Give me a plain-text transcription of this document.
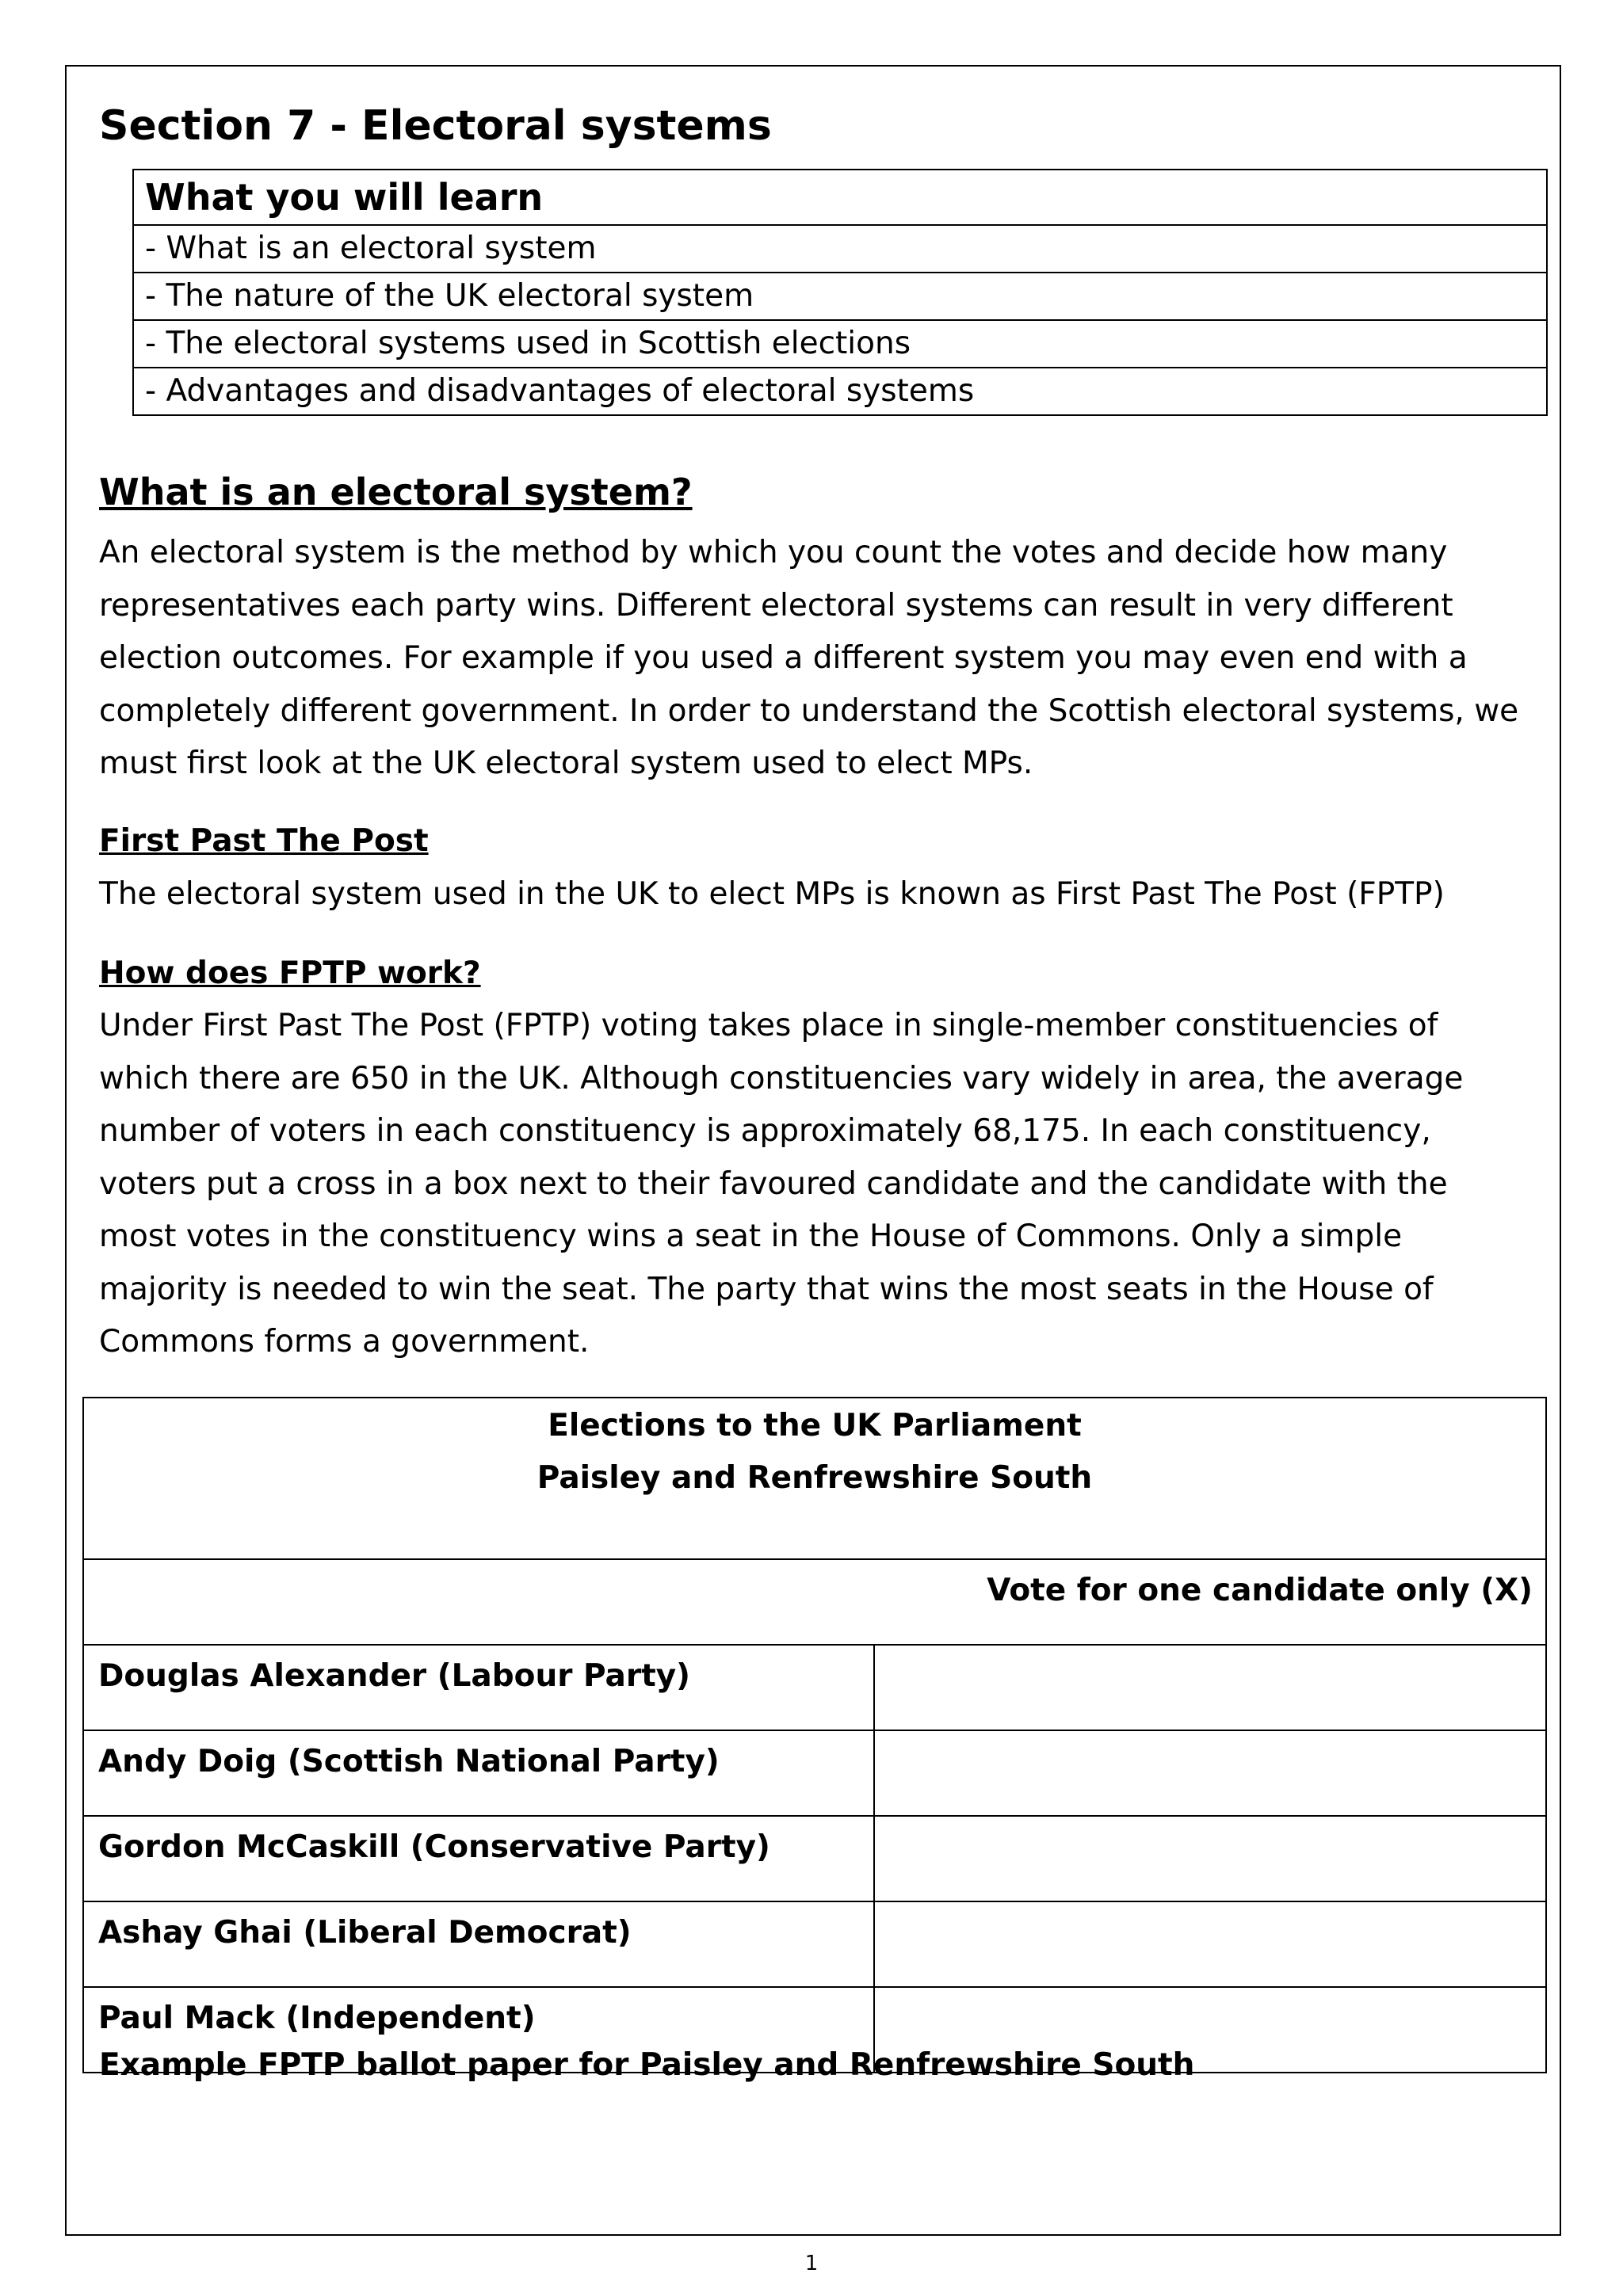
Section 7 - Electoral systems
What you will learn
- What is an electoral system
- The nature of the UK electoral system
- The electoral systems used in Scottish elections
- Advantages and disadvantages of electoral systems
What is an electoral system?

An electoral system is the method by which you count the votes and decide how many representatives each party wins. Different electoral systems can result in very different election outcomes. For example if you used a different system you may even end with a completely different government. In order to understand the Scottish electoral systems, we must first look at the UK electoral system used to elect MPs.

First Past The Post

The electoral system used in the UK to elect MPs is known as First Past The Post (FPTP)

How does FPTP work?

Under First Past The Post (FPTP) voting takes place in single-member constituencies of which there are 650 in the UK. Although constituencies vary widely in area, the average number of voters in each constituency is approximately 68,175. In each constituency, voters put a cross in a box next to their favoured candidate and the candidate with the most votes in the constituency wins a seat in the House of Commons. Only a simple majority is needed to win the seat. The party that wins the most seats in the House of Commons forms a government.

Elections to the UK Parliament
Paisley and Renfrewshire South	

Vote for one candidate only (X)	
Douglas Alexander (Labour Party)	
Andy Doig (Scottish National Party)	
Gordon McCaskill (Conservative Party)	
Ashay Ghai (Liberal Democrat)	
Paul Mack (Independent)	

Example FPTP ballot paper for Paisley and Renfrewshire South

1
